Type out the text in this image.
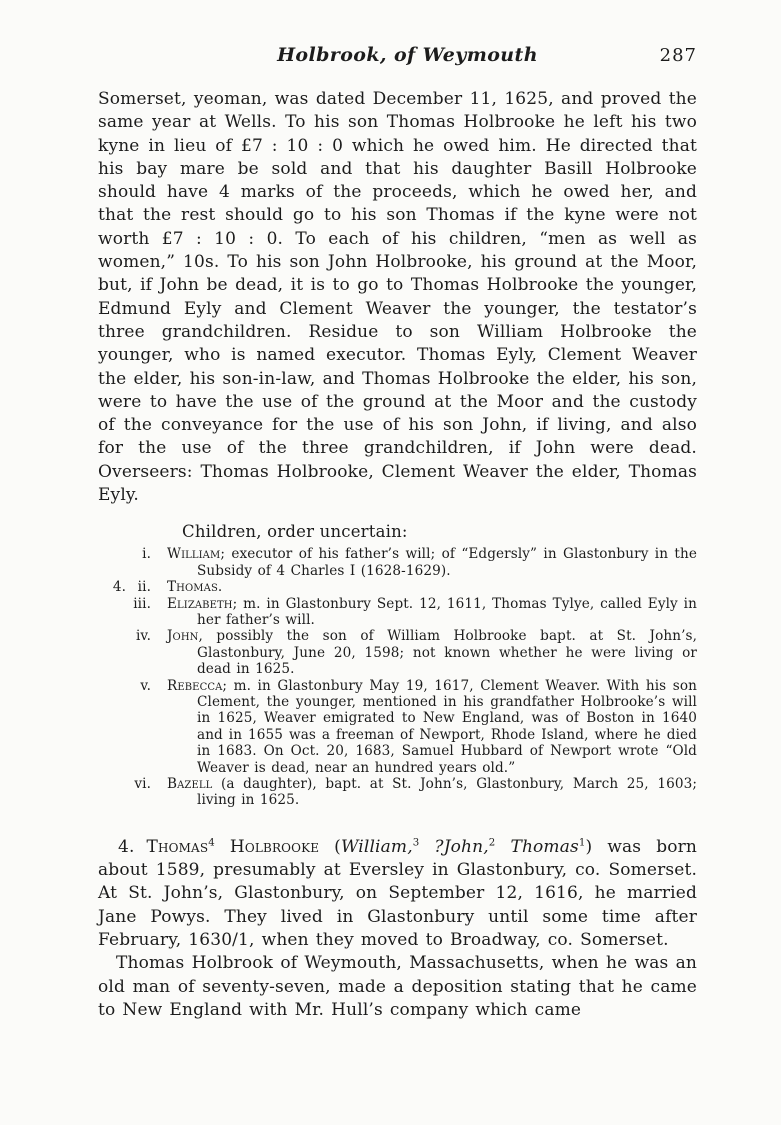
Holbrook, of Weymouth	287

Somerset, yeoman, was dated December 11, 1625, and proved the same year at Wells. To his son Thomas Holbrooke he left his two kyne in lieu of £7 : 10 : 0 which he owed him. He directed that his bay mare be sold and that his daughter Basill Holbrooke should have 4 marks of the proceeds, which he owed her, and that the rest should go to his son Thomas if the kyne were not worth £7 : 10 : 0. To each of his children, “men as well as women,” 10s. To his son John Holbrooke, his ground at the Moor, but, if John be dead, it is to go to Thomas Holbrooke the younger, Edmund Eyly and Clement Weaver the younger, the testator’s three grandchildren. Residue to son William Holbrooke the younger, who is named executor. Thomas Eyly, Clement Weaver the elder, his son-in-law, and Thomas Holbrooke the elder, his son, were to have the use of the ground at the Moor and the custody of the conveyance for the use of his son John, if living, and also for the use of the three grandchildren, if John were dead. Overseers: Thomas Holbrooke, Clement Weaver the elder, Thomas Eyly.

Children, order uncertain:
i. William; executor of his father’s will; of “Edgersly” in Glastonbury in the Subsidy of 4 Charles I (1628-1629).
4. ii. Thomas.
iii. Elizabeth; m. in Glastonbury Sept. 12, 1611, Thomas Tylye, called Eyly in her father’s will.
iv. John, possibly the son of William Holbrooke bapt. at St. John’s, Glastonbury, June 20, 1598; not known whether he were living or dead in 1625.
v. Rebecca; m. in Glastonbury May 19, 1617, Clement Weaver. With his son Clement, the younger, mentioned in his grandfather Holbrooke’s will in 1625, Weaver emigrated to New England, was of Boston in 1640 and in 1655 was a freeman of Newport, Rhode Island, where he died in 1683. On Oct. 20, 1683, Samuel Hubbard of Newport wrote “Old Weaver is dead, near an hundred years old.”
vi. Bazell (a daughter), bapt. at St. John’s, Glastonbury, March 25, 1603; living in 1625.

4. Thomas$^4$ Holbrooke (William,$^3$ ?John,$^2$ Thomas$^1$) was born about 1589, presumably at Eversley in Glastonbury, co. Somerset. At St. John’s, Glastonbury, on September 12, 1616, he married Jane Powys. They lived in Glastonbury until some time after February, 1630/1, when they moved to Broadway, co. Somerset.

Thomas Holbrook of Weymouth, Massachusetts, when he was an old man of seventy-seven, made a deposition stating that he came to New England with Mr. Hull’s company which came
